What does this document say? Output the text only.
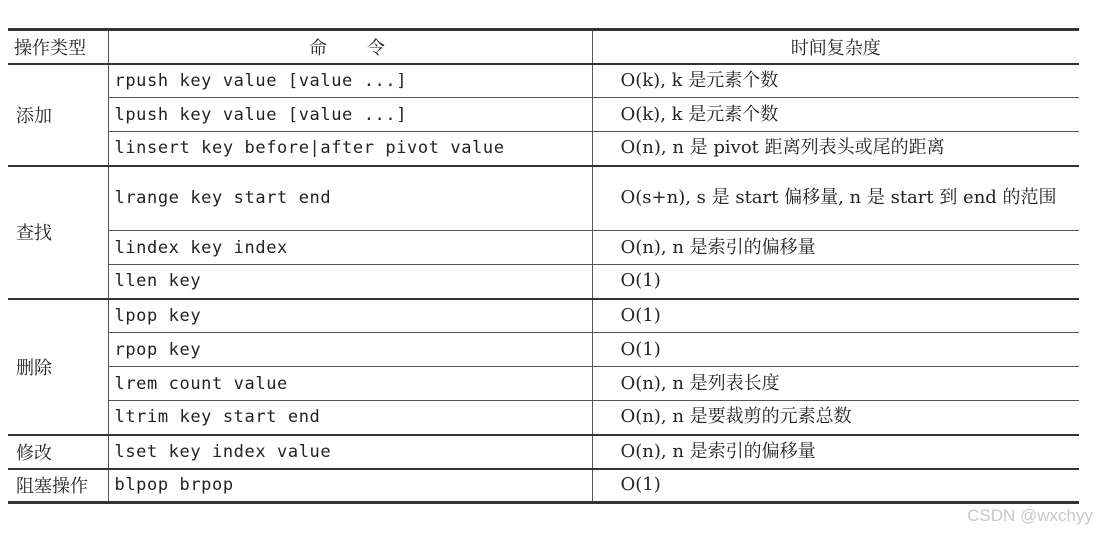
操作类型	命令	时间复杂度
添加	rpush key value [value ...]	O(k), k 是元素个数
	lpush key value [value ...]	O(k), k 是元素个数
	linsert key before|after pivot value	O(n), n 是 pivot 距离列表头或尾的距离
查找	lrange key start end	O(s+n), s 是 start 偏移量, n 是 start 到 end 的范围
	lindex key index	O(n), n 是索引的偏移量
	llen key	O(1)
删除	lpop key	O(1)
	rpop key	O(1)
	lrem count value	O(n), n 是列表长度
	ltrim key start end	O(n), n 是要裁剪的元素总数
修改	lset key index value	O(n), n 是索引的偏移量
阻塞操作	blpop brpop	O(1)
CSDN @wxchyy
